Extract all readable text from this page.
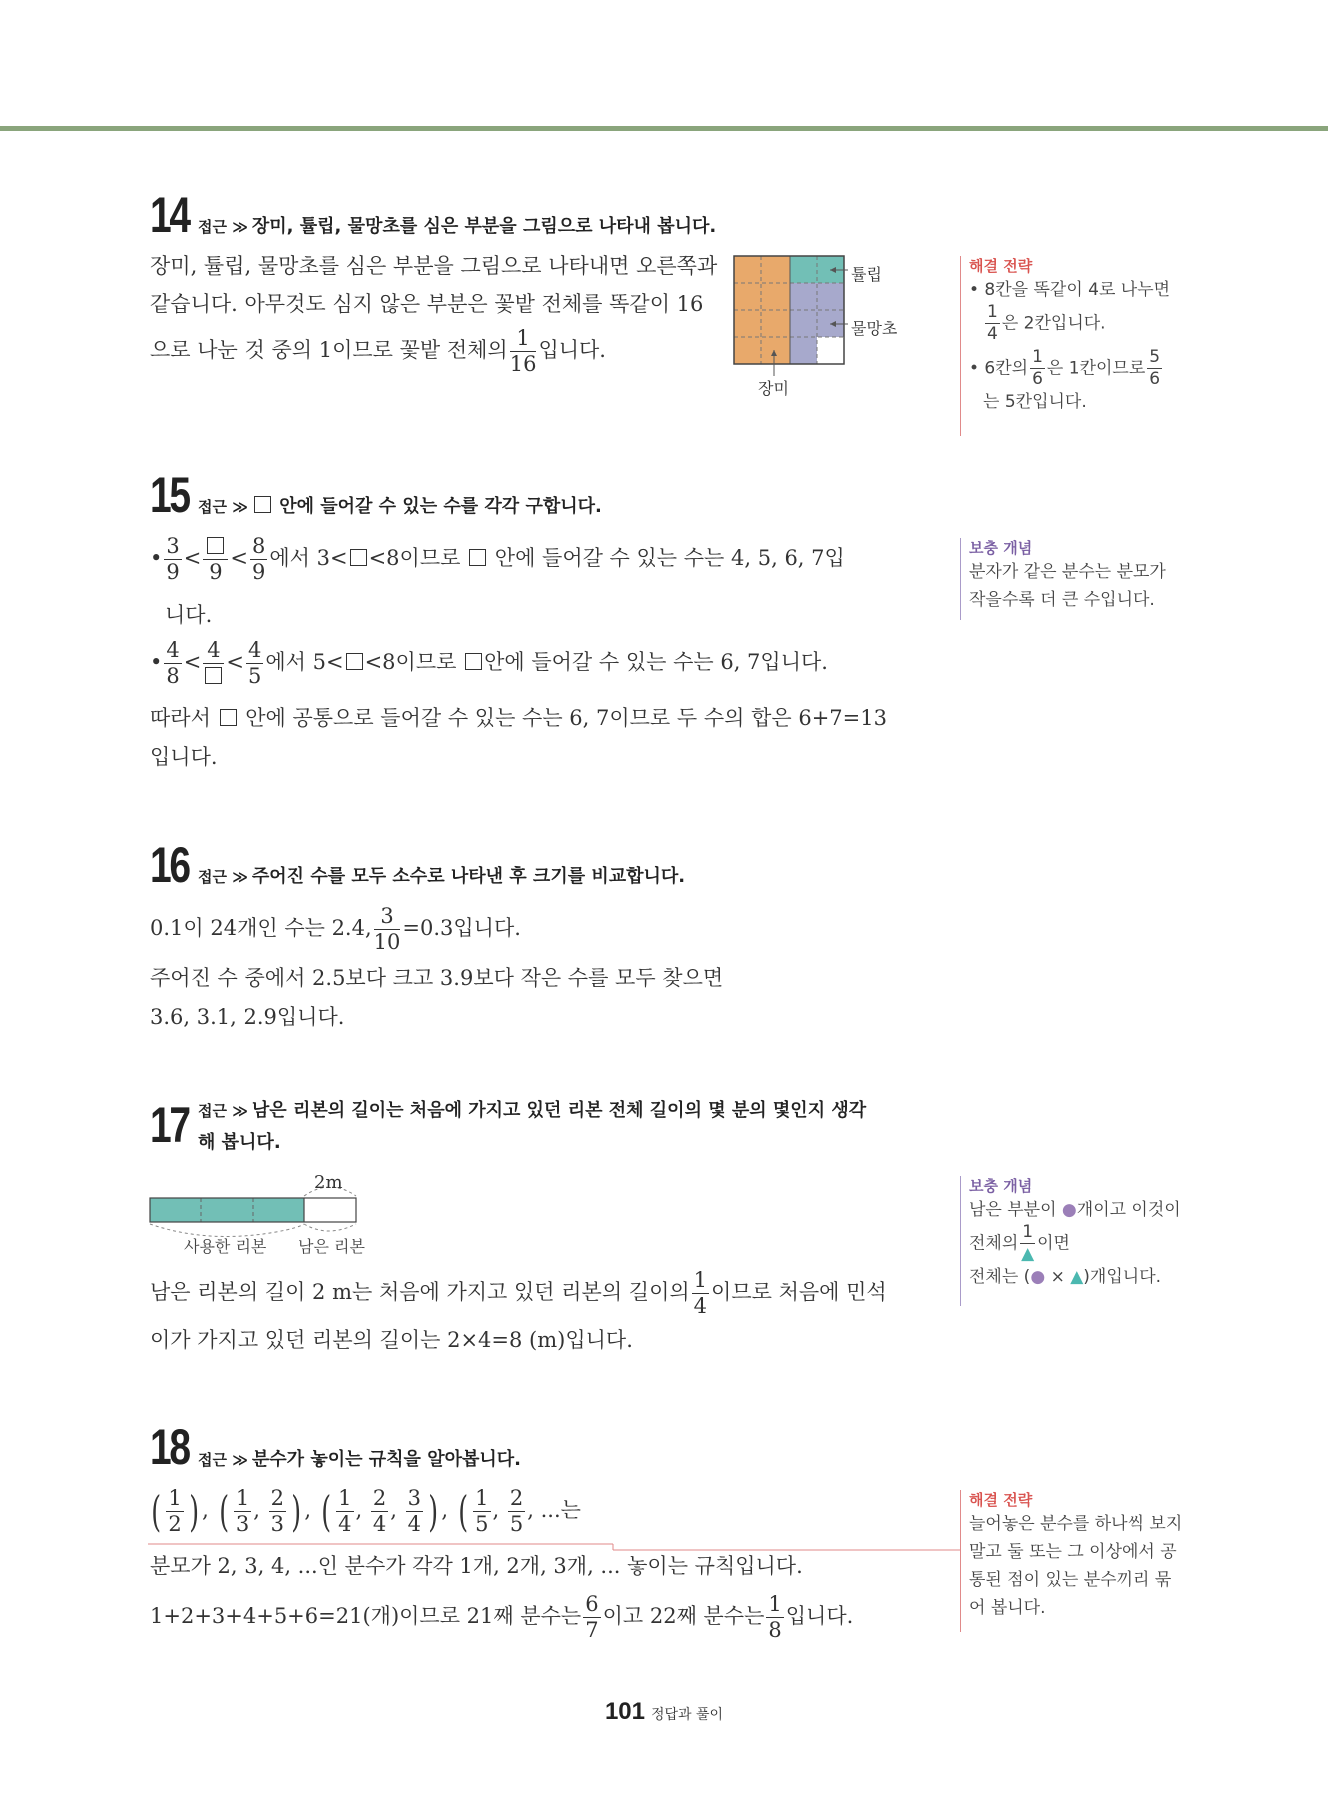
14 접근 ≫ 장미, 튤립, 물망초를 심은 부분을 그림으로 나타내 봅니다.
장미, 튤립, 물망초를 심은 부분을 그림으로 나타내면 오른쪽과
같습니다. 아무것도 심지 않은 부분은 꽃밭 전체를 똑같이 16
으로 나눈 것 중의 1이므로 꽃밭 전체의 $\frac{1}{16}$ 입니다.
튤립
물망초
장미
해결 전략
• 8칸을 똑같이 4로 나누면
$\frac{1}{4}$ 은 2칸입니다.
• 6칸의 $\frac{1}{6}$ 은 1칸이므로 $\frac{5}{6}$
는 5칸입니다.
15 접근 ≫ 안에 들어갈 수 있는 수를 각각 구합니다.
• $\frac{3}{9}$ <
9
< $\frac{8}{9}$ 에서 3< <8이므로 안에 들어갈 수 있는 수는 4, 5, 6, 7입
니다.
• $\frac{4}{8} < 4 < \frac{4}{5}$ 에서 5< <8이므로 안에 들어갈 수 있는 수는 6, 7입니다.
따라서 안에 공통으로 들어갈 수 있는 수는 6, 7이므로 두 수의 합은 6+7=13
입니다.
보충 개념
분자가 같은 분수는 분모가
작을수록 더 큰 수입니다.
16 접근 ≫ 주어진 수를 모두 소수로 나타낸 후 크기를 비교합니다.
0.1이 24개인 수는 2.4, $\frac{3}{10} =0.3$입니다.
주어진 수 중에서 2.5보다 크고 3.9보다 작은 수를 모두 찾으면
3.6, 3.1, 2.9입니다.
17 접근 ≫ 남은 리본의 길이는 처음에 가지고 있던 리본 전체 길이의 몇 분의 몇인지 생각
해 봅니다.
2m
사용한 리본 남은 리본
남은 리본의 길이 2 m는 처음에 가지고 있던 리본의 길이의 $\frac{1}{4}$ 이므로 처음에 민석
이가 가지고 있던 리본의 길이는 2×4=8 (m)입니다.
보충 개념
남은 부분이 ●개이고 이것이
전체의 $\frac{1}{▲}$ 이면
전체는 (● × ▲)개입니다.
18 접근 ≫ 분수가 놓이는 규칙을 알아봅니다.
( $\frac{1}{2}$ ) , ( $\frac{1}{3}$ , $\frac{2}{3}$ ) , ( $\frac{1}{4}$ , $\frac{2}{4}$ , $\frac{3}{4}$ ) , ( $\frac{1}{5}$ , $\frac{2}{5}$ , ...는
분모가 2, 3, 4, ...인 분수가 각각 1개, 2개, 3개, ... 놓이는 규칙입니다.
1+2+3+4+5+6=21(개)이므로 21째 분수는 $\frac{6}{7}$ 이고 22째 분수는 $\frac{1}{8}$ 입니다.
해결 전략
늘어놓은 분수를 하나씩 보지
말고 둘 또는 그 이상에서 공
통된 점이 있는 분수끼리 묶
어 봅니다.
101 정답과 풀이
